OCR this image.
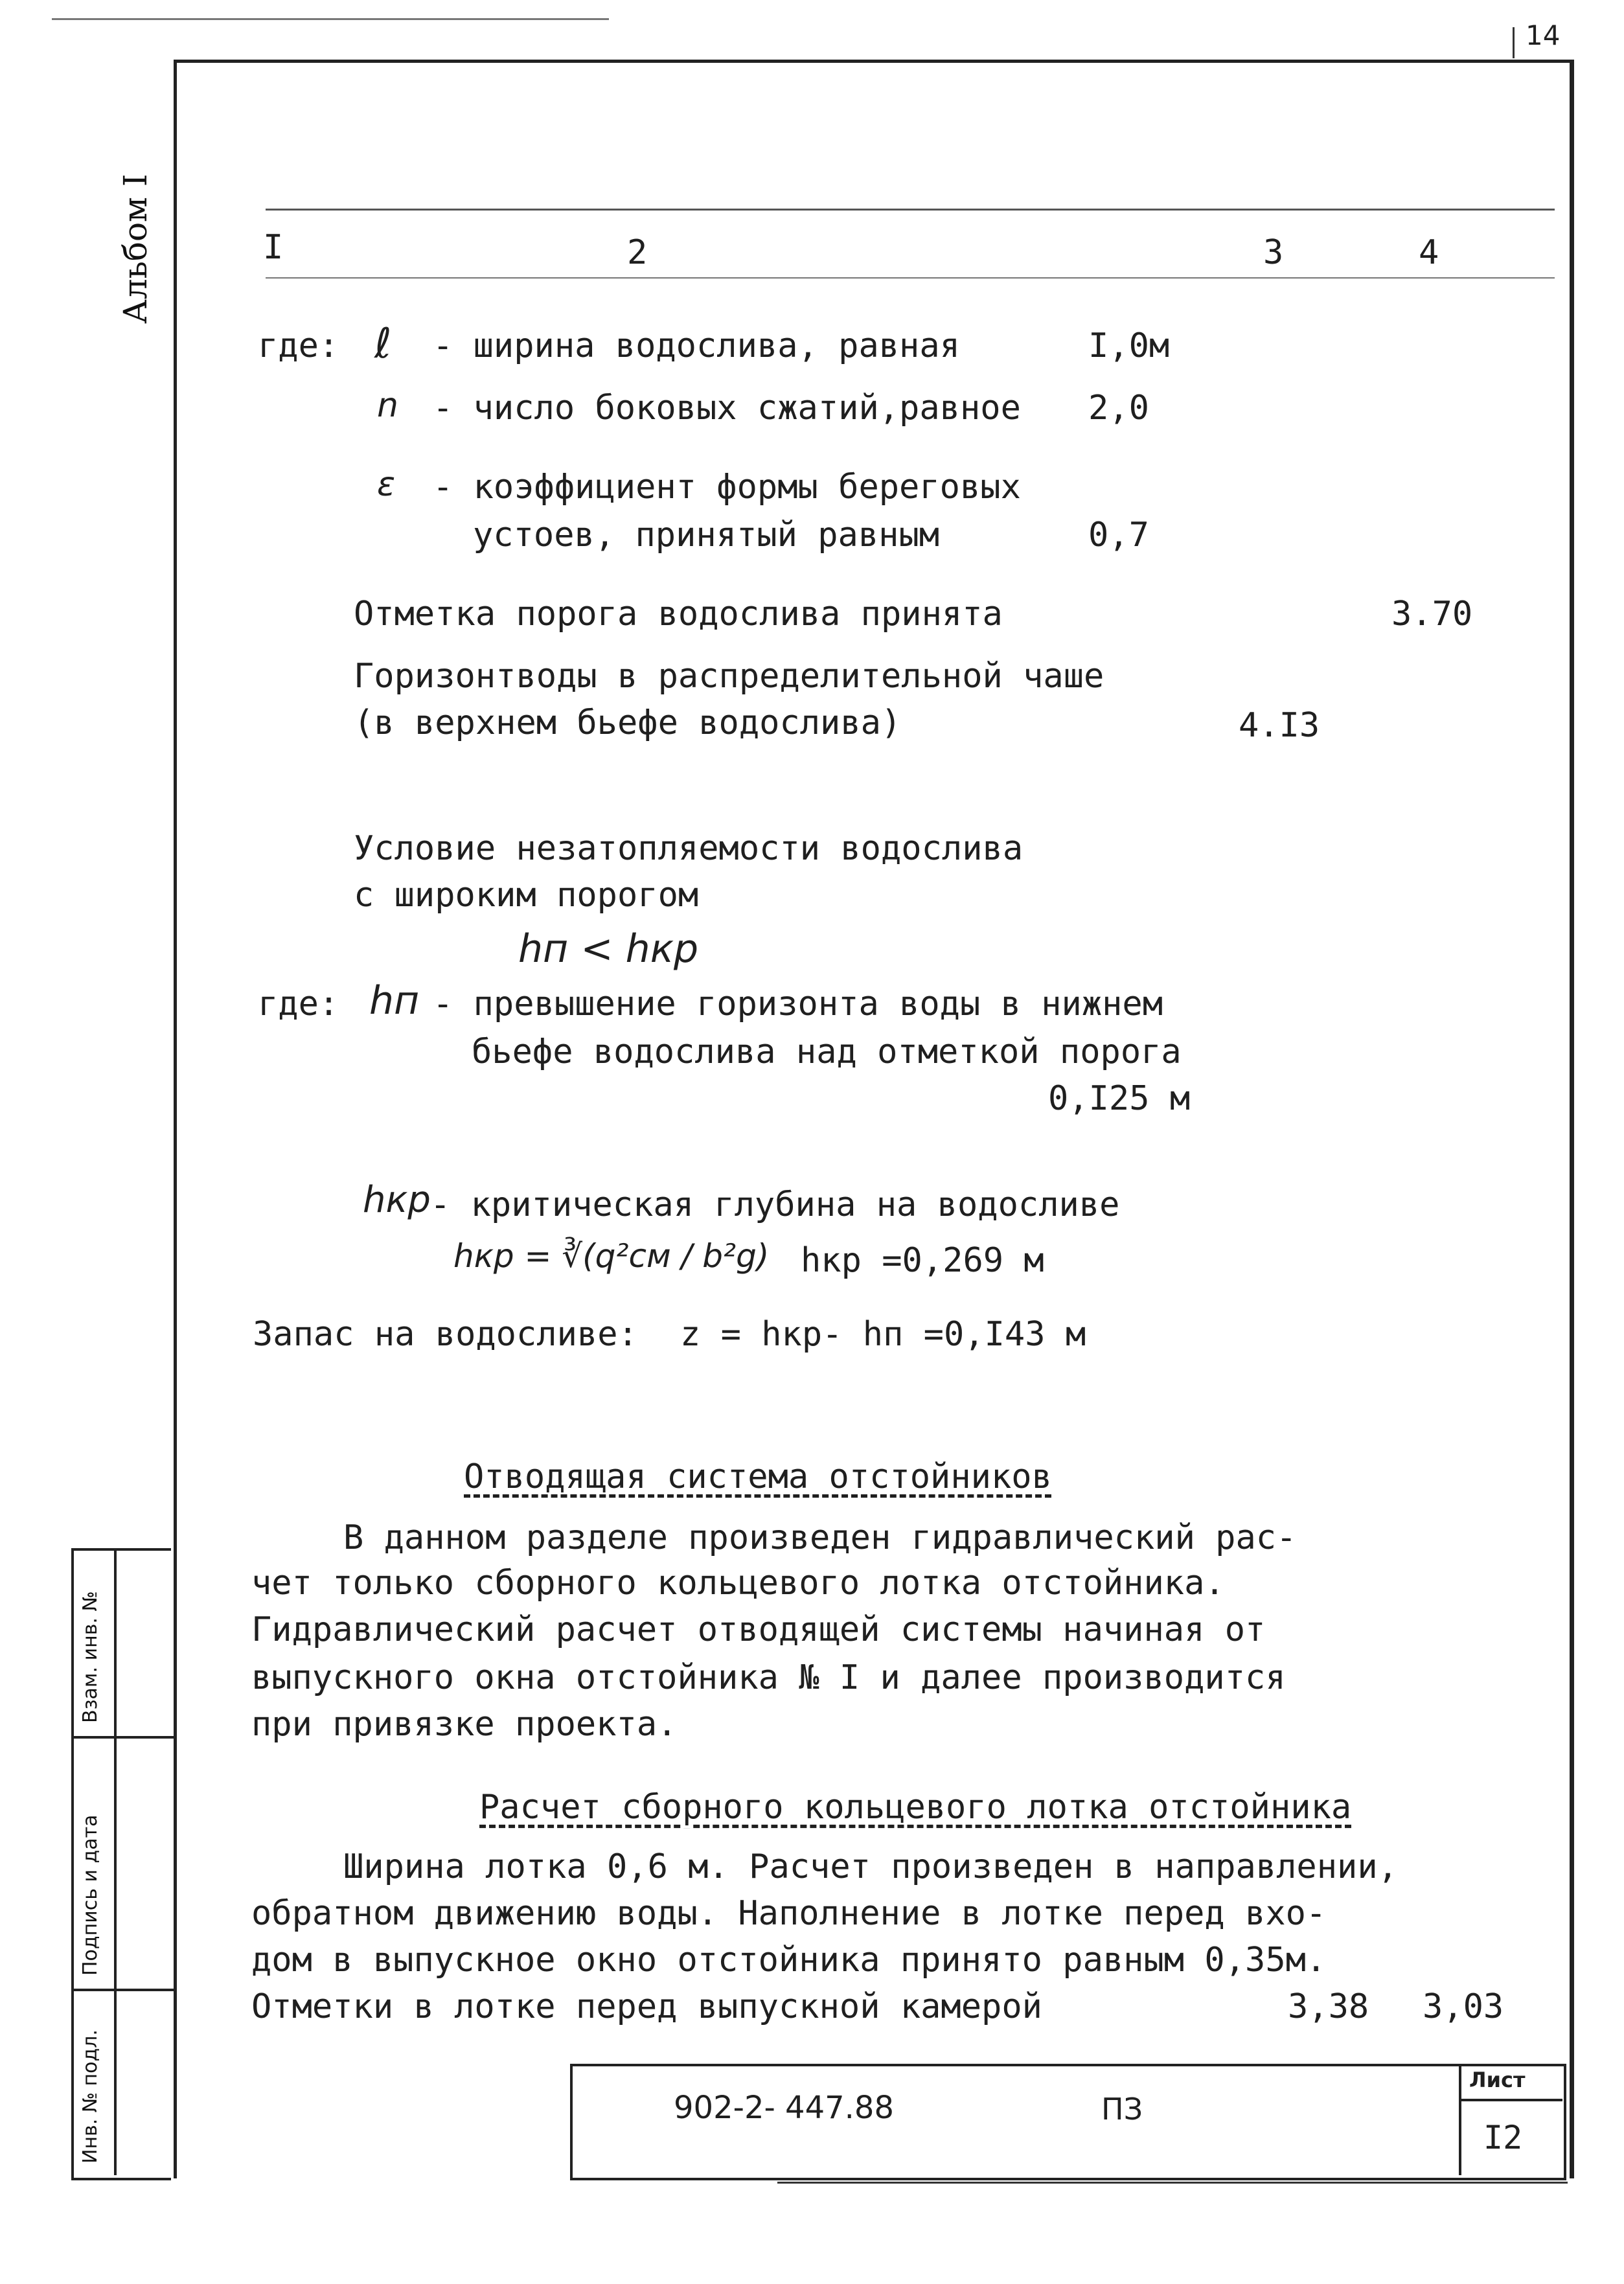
14
Альбом I	I	2	3	4
где: ℓ - ширина водослива, равная	I,0м
n - число боковых сжатий,равное 2,0
ε - коэффициент формы береговых
устоев, принятый равным	0,7
Отметка порога водослива принята	3.70
Горизонтводы в распределительной чаше
(в верхнем бьефе водослива)	4.I3
Условие незатопляемости водослива
с широким порогом
hп < hкр
где: hп - превышение горизонта воды в нижнем
бьефе водослива над отметкой порога
0,I25 м
hкр - критическая глубина на водосливе
hкр = ∛(q²см / b²g) hкр =0,269 м
Запас на водосливе: z = hкр- hп =0,I43 м
Отводящая система отстойников
В данном разделе произведен гидравлический рас-
чет только сборного кольцевого лотка отстойника.
Гидравлический расчет отводящей системы начиная от
выпускного окна отстойника № I и далее производится
при привязке проекта.
Расчет сборного кольцевого лотка отстойника
Ширина лотка 0,6 м. Расчет произведен в направлении,
обратном движению воды. Наполнение в лотке перед вхо-
дом в выпускное окно отстойника принято равным 0,35м.
Отметки в лотке перед выпускной камерой	3,38 3,03
Взам. инв. №
Подпись и дата
Инв. № подл.	902-2- 447.88	ПЗ
Лист
I2
